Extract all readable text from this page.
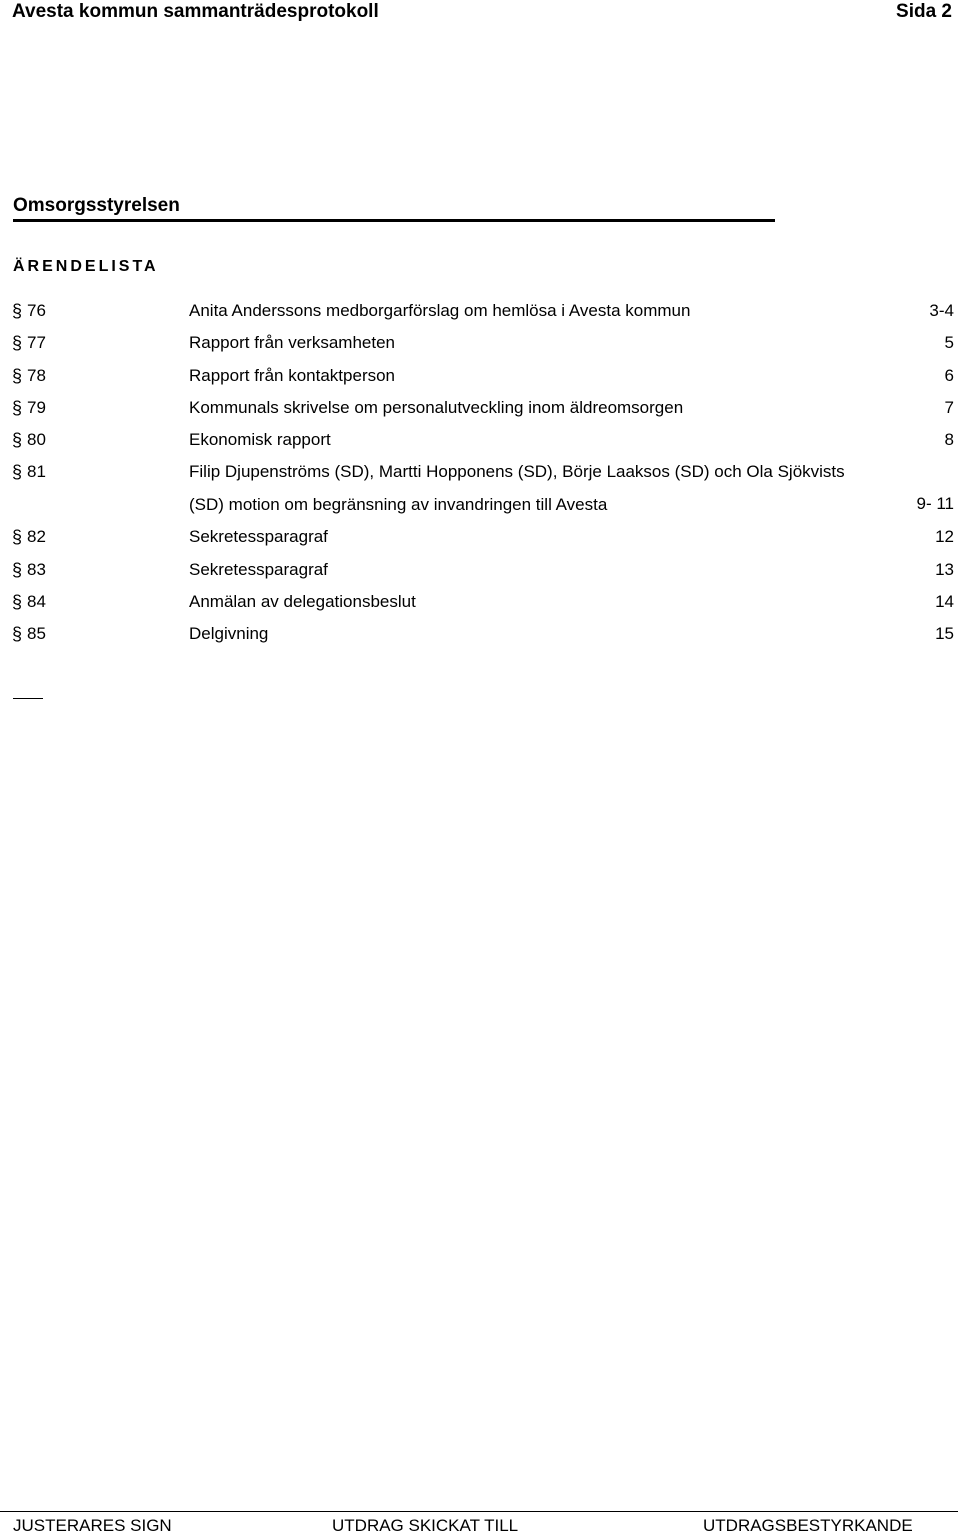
Avesta kommun sammanträdesprotokoll	Sida 2
Omsorgsstyrelsen
ÄRENDELISTA
§ 76	Anita Anderssons medborgarförslag om hemlösa i Avesta kommun	3-4
§ 77	Rapport från verksamheten	5
§ 78	Rapport från kontaktperson	6
§ 79	Kommunals skrivelse om personalutveckling inom äldreomsorgen	7
§ 80	Ekonomisk rapport	8
§ 81	Filip Djupenströms (SD), Martti Hopponens (SD), Börje Laaksos (SD) och Ola Sjökvists (SD) motion om begränsning av invandringen till Avesta	9- 11
§ 82	Sekretessparagraf	12
§ 83	Sekretessparagraf	13
§ 84	Anmälan av delegationsbeslut	14
§ 85	Delgivning	15
JUSTERARES SIGN	UTDRAG SKICKAT TILL	UTDRAGSBESTYRKANDE
